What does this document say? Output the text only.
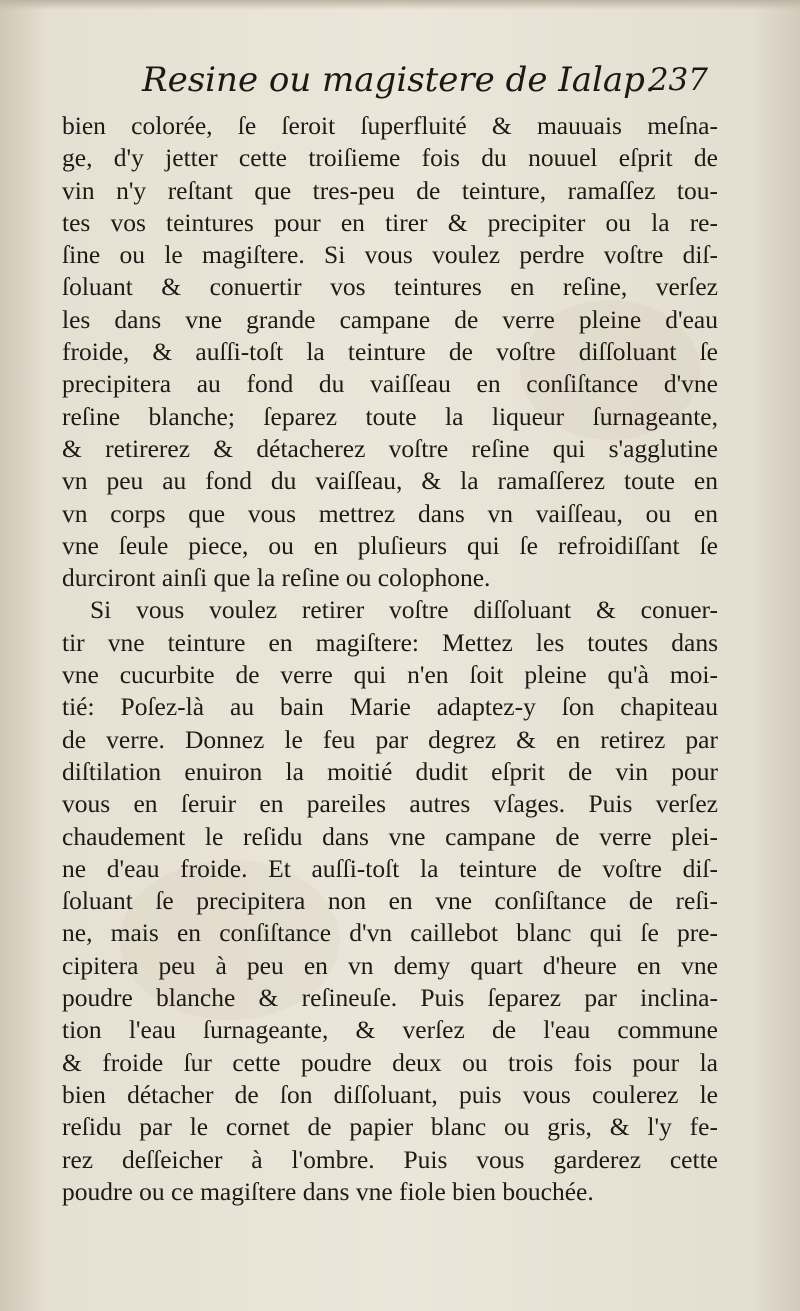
Resine ou magistere de Ialap.
237
bien colorée, ſe ſeroit ſuperfluité & mauuais meſna-
ge, d'y jetter cette troiſieme fois du nouuel eſprit de
vin n'y reſtant que tres-peu de teinture, ramaſſez tou-
tes vos teintures pour en tirer & precipiter ou la re-
ſine ou le magiſtere. Si vous voulez perdre voſtre diſ-
ſoluant & conuertir vos teintures en reſine, verſez
les dans vne grande campane de verre pleine d'eau
froide, & auſſi-toſt la teinture de voſtre diſſoluant ſe
precipitera au fond du vaiſſeau en conſiſtance d'vne
reſine blanche; ſeparez toute la liqueur ſurnageante,
& retirerez & détacherez voſtre reſine qui s'agglutine
vn peu au fond du vaiſſeau, & la ramaſſerez toute en
vn corps que vous mettrez dans vn vaiſſeau, ou en
vne ſeule piece, ou en pluſieurs qui ſe refroidiſſant ſe
durciront ainſi que la reſine ou colophone.
Si vous voulez retirer voſtre diſſoluant & conuer-
tir vne teinture en magiſtere: Mettez les toutes dans
vne cucurbite de verre qui n'en ſoit pleine qu'à moi-
tié: Poſez-là au bain Marie adaptez-y ſon chapiteau
de verre. Donnez le feu par degrez & en retirez par
diſtilation enuiron la moitié dudit eſprit de vin pour
vous en ſeruir en pareiles autres vſages. Puis verſez
chaudement le reſidu dans vne campane de verre plei-
ne d'eau froide. Et auſſi-toſt la teinture de voſtre diſ-
ſoluant ſe precipitera non en vne conſiſtance de reſi-
ne, mais en conſiſtance d'vn caillebot blanc qui ſe pre-
cipitera peu à peu en vn demy quart d'heure en vne
poudre blanche & reſineuſe. Puis ſeparez par inclina-
tion l'eau ſurnageante, & verſez de l'eau commune
& froide ſur cette poudre deux ou trois fois pour la
bien détacher de ſon diſſoluant, puis vous coulerez le
reſidu par le cornet de papier blanc ou gris, & l'y fe-
rez deſſeicher à l'ombre. Puis vous garderez cette
poudre ou ce magiſtere dans vne fiole bien bouchée.
